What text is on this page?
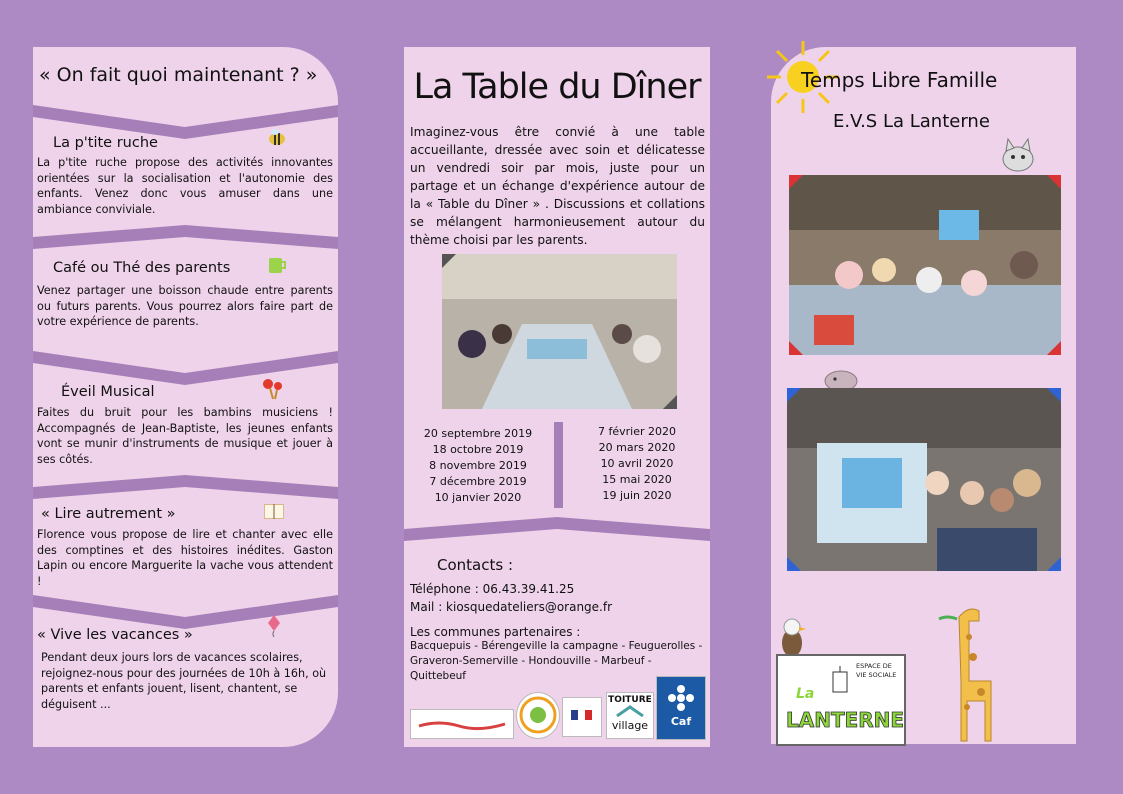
« On fait quoi maintenant ? »
La p'tite ruche
La p'tite ruche propose des activités innovantes orientées sur la socialisation et l'autonomie des enfants. Venez donc vous amuser dans une ambiance conviviale.
Café ou Thé des parents
Venez partager une boisson chaude entre parents ou futurs parents. Vous pourrez alors faire part de votre expérience de parents.
Éveil Musical
Faites du bruit pour les bambins musiciens ! Accompagnés de Jean-Baptiste, les jeunes enfants vont se munir d'instruments de musique et jouer à ses côtés.
« Lire autrement »
Florence vous propose de lire et chanter avec elle des comptines et des histoires inédites. Gaston Lapin ou encore Marguerite la vache vous attendent !
« Vive les vacances »
Pendant deux jours lors de vacances scolaires, rejoignez-nous pour des journées de 10h à 16h, où parents et enfants jouent, lisent, chantent, se déguisent ...
La Table du Dîner
Imaginez-vous être convié à une table accueillante, dressée avec soin et délicatesse un vendredi soir par mois, juste pour un partage et un échange d'expérience autour de la « Table du Dîner » . Discussions et collations se mélangent harmonieusement autour du thème choisi par les parents.
20 septembre 2019
18 octobre 2019
8 novembre 2019
7 décembre 2019
10 janvier 2020
7 février 2020
20 mars 2020
10 avril 2020
15 mai 2020
19 juin 2020
Contacts :
Téléphone : 06.43.39.41.25
Mail : kiosquedateliers@orange.fr
Les communes partenaires :
Bacquepuis - Bérengeville la campagne - Feuguerolles - Graveron-Semerville - Hondouville - Marbeuf - Quittebeuf
TOITURE
village	Caf
Temps Libre Famille
E.V.S La Lanterne
La
ESPACE DE VIE SOCIALE
LANTERNE
